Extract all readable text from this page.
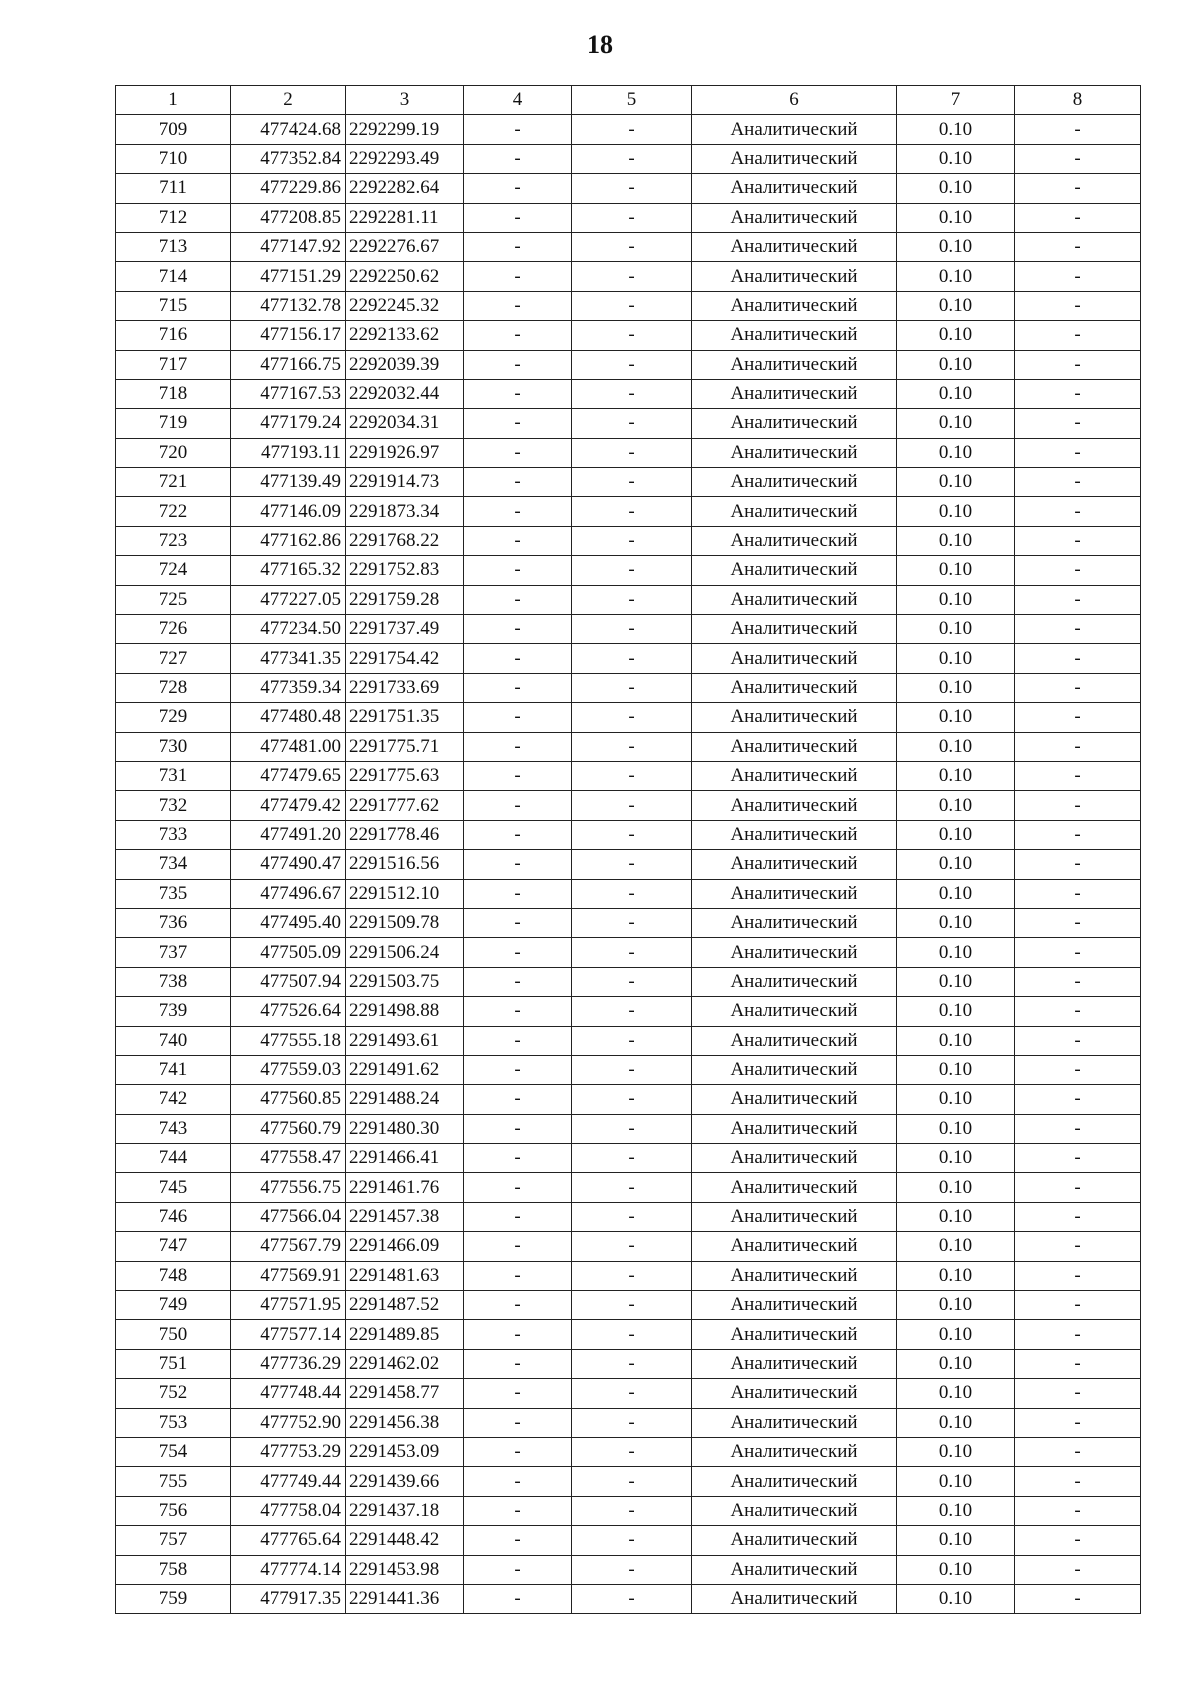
18
1	2	3	4	5	6	7	8
709	477424.68	2292299.19	-	-	Аналитический	0.10	-
710	477352.84	2292293.49	-	-	Аналитический	0.10	-
711	477229.86	2292282.64	-	-	Аналитический	0.10	-
712	477208.85	2292281.11	-	-	Аналитический	0.10	-
713	477147.92	2292276.67	-	-	Аналитический	0.10	-
714	477151.29	2292250.62	-	-	Аналитический	0.10	-
715	477132.78	2292245.32	-	-	Аналитический	0.10	-
716	477156.17	2292133.62	-	-	Аналитический	0.10	-
717	477166.75	2292039.39	-	-	Аналитический	0.10	-
718	477167.53	2292032.44	-	-	Аналитический	0.10	-
719	477179.24	2292034.31	-	-	Аналитический	0.10	-
720	477193.11	2291926.97	-	-	Аналитический	0.10	-
721	477139.49	2291914.73	-	-	Аналитический	0.10	-
722	477146.09	2291873.34	-	-	Аналитический	0.10	-
723	477162.86	2291768.22	-	-	Аналитический	0.10	-
724	477165.32	2291752.83	-	-	Аналитический	0.10	-
725	477227.05	2291759.28	-	-	Аналитический	0.10	-
726	477234.50	2291737.49	-	-	Аналитический	0.10	-
727	477341.35	2291754.42	-	-	Аналитический	0.10	-
728	477359.34	2291733.69	-	-	Аналитический	0.10	-
729	477480.48	2291751.35	-	-	Аналитический	0.10	-
730	477481.00	2291775.71	-	-	Аналитический	0.10	-
731	477479.65	2291775.63	-	-	Аналитический	0.10	-
732	477479.42	2291777.62	-	-	Аналитический	0.10	-
733	477491.20	2291778.46	-	-	Аналитический	0.10	-
734	477490.47	2291516.56	-	-	Аналитический	0.10	-
735	477496.67	2291512.10	-	-	Аналитический	0.10	-
736	477495.40	2291509.78	-	-	Аналитический	0.10	-
737	477505.09	2291506.24	-	-	Аналитический	0.10	-
738	477507.94	2291503.75	-	-	Аналитический	0.10	-
739	477526.64	2291498.88	-	-	Аналитический	0.10	-
740	477555.18	2291493.61	-	-	Аналитический	0.10	-
741	477559.03	2291491.62	-	-	Аналитический	0.10	-
742	477560.85	2291488.24	-	-	Аналитический	0.10	-
743	477560.79	2291480.30	-	-	Аналитический	0.10	-
744	477558.47	2291466.41	-	-	Аналитический	0.10	-
745	477556.75	2291461.76	-	-	Аналитический	0.10	-
746	477566.04	2291457.38	-	-	Аналитический	0.10	-
747	477567.79	2291466.09	-	-	Аналитический	0.10	-
748	477569.91	2291481.63	-	-	Аналитический	0.10	-
749	477571.95	2291487.52	-	-	Аналитический	0.10	-
750	477577.14	2291489.85	-	-	Аналитический	0.10	-
751	477736.29	2291462.02	-	-	Аналитический	0.10	-
752	477748.44	2291458.77	-	-	Аналитический	0.10	-
753	477752.90	2291456.38	-	-	Аналитический	0.10	-
754	477753.29	2291453.09	-	-	Аналитический	0.10	-
755	477749.44	2291439.66	-	-	Аналитический	0.10	-
756	477758.04	2291437.18	-	-	Аналитический	0.10	-
757	477765.64	2291448.42	-	-	Аналитический	0.10	-
758	477774.14	2291453.98	-	-	Аналитический	0.10	-
759	477917.35	2291441.36	-	-	Аналитический	0.10	-
